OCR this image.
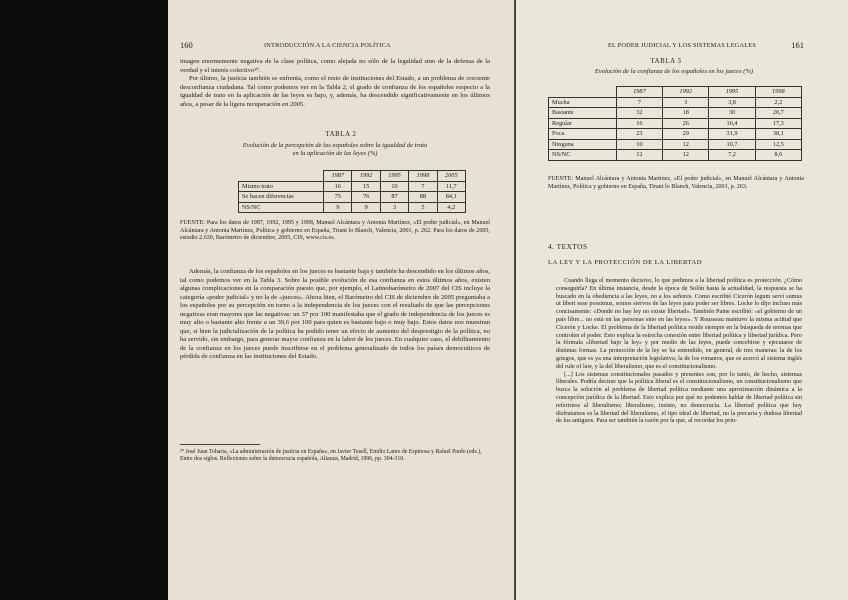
160	INTRODUCCIÓN A LA CIENCIA POLÍTICA

imagen enormemente negativa de la clase política, como alejada no sólo de la legalidad sino de la defensa de la verdad y el interés colectivo²⁰.

Por último, la justicia también se enfrenta, como el resto de instituciones del Estado, a un problema de creciente desconfianza ciudadana. Tal como podemos ver en la Tabla 2, el grado de confianza de los españoles respecto a la igualdad de trato en la aplicación de las leyes es bajo, y, además, ha descendido significativamente en los últimos años, a pesar de la ligera recuperación en 2005.

TABLA 2
Evolución de la percepción de los españoles sobre la igualdad de trato
en la aplicación de las leyes (%)
	1987	1992	1995	1998	2005
Mismo trato	16	15	10	7	11,7
Se hacen diferencias	75	76	87	88	84,1
NS/NC	9	9	3	5	4,2
FUENTE: Para los datos de 1987, 1992, 1995 y 1998, Manuel Alcántara y Antonia Martínez, «El poder judicial», en Manuel Alcántara y Antonia Martínez, Política y gobierno en España, Tirant lo Blanch, Valencia, 2001, p. 262. Para los datos de 2005, estudio 2.630, Barómetro de diciembre, 2005, CIS, www.cis.es.

Además, la confianza de los españoles en los jueces es bastante baja y también ha descendido en los últimos años, tal como podemos ver en la Tabla 3. Sobre la posible evolución de esa confianza en estos últimos años, existen algunas complicaciones en la comparación puesto que, por ejemplo, el Latinobarómetro de 2007 del CIS incluye la categoría «poder judicial» y no la de «jueces». Ahora bien, el Barómetro del CIS de diciembre de 2005 preguntaba a los españoles por su percepción en torno a la independencia de los jueces con el resultado de que las percepciones negativas eran mayores que las negativas: un 37 por 100 manifestaba que el grado de independencia de los jueces es muy alto o bastante alto frente a un 39,6 por 100 para quien es bastante bajo o muy bajo. Estos datos nos muestran que, si bien la judicialización de la política ha podido tener un efecto de aumento del desprestigio de la política, no ha servido, sin embargo, para generar mayor confianza en la labor de los jueces. En cualquier caso, el debilitamiento de la confianza en los jueces puede inscribirse en el problema generalizado de todos los países democráticos de pérdida de confianza en las instituciones del Estado.

²⁰ José Juan Toharia, «La administración de justicia en España», en Javier Tusell, Emilio Lamo de Espinosa y Rafael Pardo (eds.), Entre dos siglos. Reflexiones sobre la democracia española, Alianza, Madrid, 1996, pp. 304-310.
EL PODER JUDICIAL Y LOS SISTEMAS LEGALES	161
TABLA 3
Evolución de la confianza de los españoles en los jueces (%)
	1987	1992	1995	1998
Mucha	7	3	3,8	2,2
Bastante	32	18	30	20,7
Regular	16	26	16,4	17,3
Poca	23	29	31,9	38,1
Ninguna	10	12	10,7	12,5
NS/NC	12	12	7,2	8,6
FUENTE: Manuel Alcántara y Antonia Martínez, «El poder judicial», en Manuel Alcántara y Antonia Martínez, Política y gobierno en España, Tirant lo Blanch, Valencia, 2001, p. 263.
4. TEXTOS
LA LEY Y LA PROTECCIÓN DE LA LIBERTAD

Cuando llega el momento decisivo, lo que pedimos a la libertad política es protección. ¿Cómo conseguirla? En última instancia, desde la época de Solón hasta la actualidad, la respuesta se ha buscado en la obediencia a las leyes, no a los señores. Como escribió Cicerón legum servi sumus ut liberi esse possimus, somos siervos de las leyes para poder ser libres. Locke lo dijo incluso más concisamente: «Donde no hay ley no existe libertad». También Paine escribió: «el gobierno de un país libre... no está en las personas sino en las leyes». Y Rousseau mantuvo la misma actitud que Cicerón y Locke. El problema de la libertad política reside siempre en la búsqueda de normas que controlen el poder. Esto explica la estrecha conexión entre libertad política y libertad jurídica. Pero la fórmula «libertad bajo la ley» y por medio de las leyes, puede concebirse y ejecutarse de distintas formas. La protección de la ley se ha entendido, en general, de tres maneras: la de los griegos, que es ya una interpretación legislativa; la de los romanos, que se acercó al sistema inglés del rule of law, y la del liberalismo, que es el constitucionalismo.

[...] Los sistemas constitucionales pasados y presentes son, por lo tanto, de hecho, sistemas liberales. Podría decirse que la política liberal es el constitucionalismo, un constitucionalismo que busca la solución al problema de libertad política mediante una aproximación dinámica a la concepción jurídica de la libertad. Esto explica por qué no podemos hablar de libertad política sin referirnos al liberalismo; liberalismo, insisto, no democracia. La libertad política que hoy disfrutamos es la libertad del liberalismo, el tipo ideal de libertad, no la precaria y dudosa libertad de los antiguos. Para ser también la razón por la que, al recordar los prin-
